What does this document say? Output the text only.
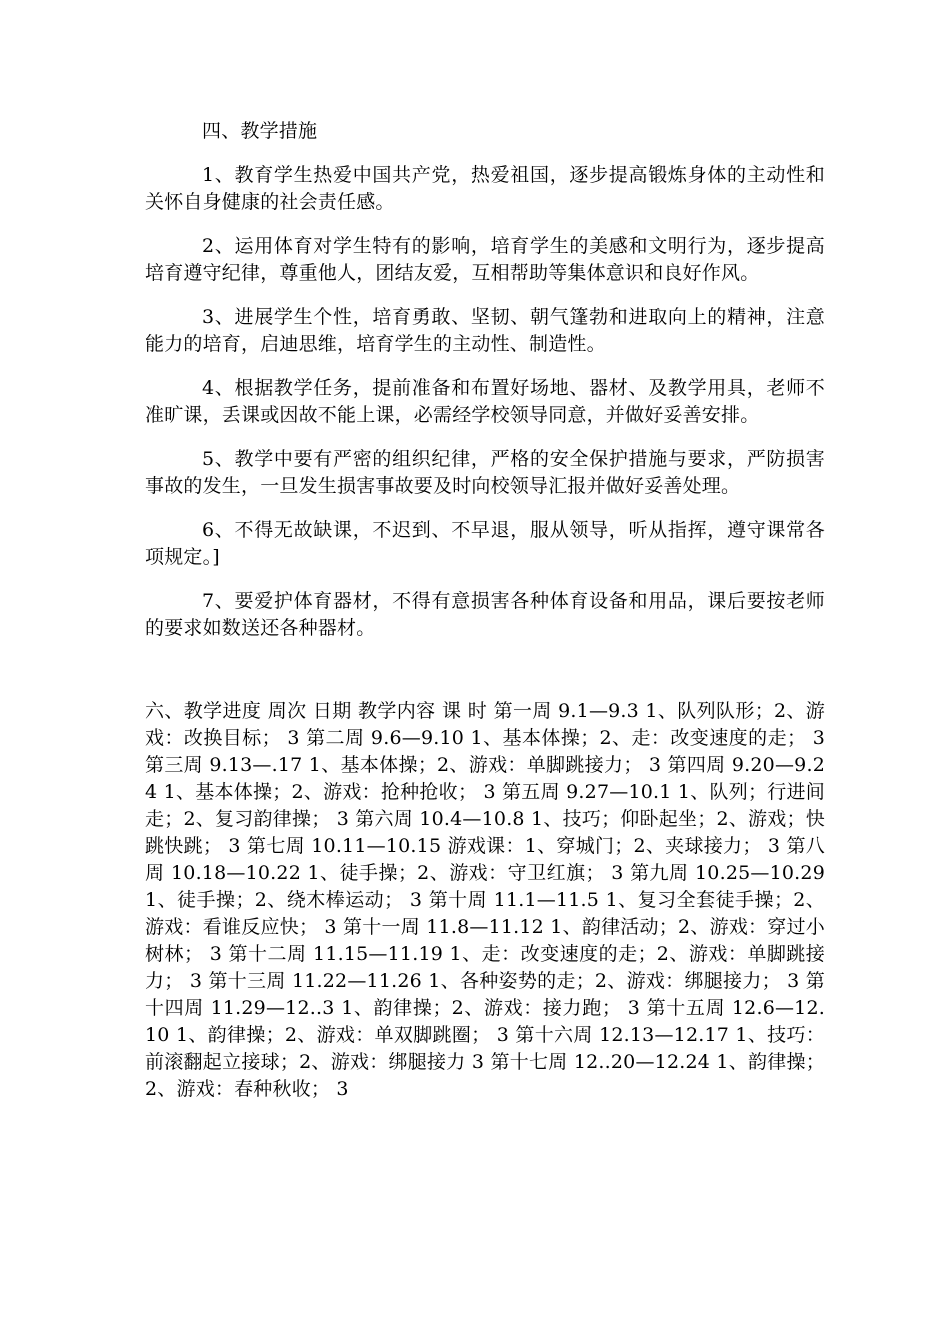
四、教学措施

1、教育学生热爱中国共产党，热爱祖国，逐步提高锻炼身体的主动性和关怀自身健康的社会责任感。

2、运用体育对学生特有的影响，培育学生的美感和文明行为，逐步提高培育遵守纪律，尊重他人，团结友爱，互相帮助等集体意识和良好作风。

3、进展学生个性，培育勇敢、坚韧、朝气篷勃和进取向上的精神，注意能力的培育，启迪思维，培育学生的主动性、制造性。

4、根据教学任务，提前准备和布置好场地、器材、及教学用具，老师不准旷课，丢课或因故不能上课，必需经学校领导同意，并做好妥善安排。

5、教学中要有严密的组织纪律，严格的安全保护措施与要求，严防损害事故的发生，一旦发生损害事故要及时向校领导汇报并做好妥善处理。

6、不得无故缺课，不迟到、不早退，服从领导，听从指挥，遵守课常各项规定。]

7、要爱护体育器材，不得有意损害各种体育设备和用品，课后要按老师的要求如数送还各种器材。

六、教学进度 周次 日期 教学内容 课 时 第一周 9.1—9.3 1、队列队形；2、游戏：改换目标； 3 第二周 9.6—9.10 1、基本体操；2、走：改变速度的走； 3 第三周 9.13—.17 1、基本体操；2、游戏：单脚跳接力； 3 第四周 9.20—9.24 1、基本体操；2、游戏：抢种抢收； 3 第五周 9.27—10.1 1、队列；行进间走；2、复习韵律操； 3 第六周 10.4—10.8 1、技巧；仰卧起坐；2、游戏；快跳快跳； 3 第七周 10.11—10.15 游戏课：1、穿城门；2、夹球接力； 3 第八周 10.18—10.22 1、徒手操；2、游戏：守卫红旗； 3 第九周 10.25—10.29 1、徒手操；2、绕木棒运动； 3 第十周 11.1—11.5 1、复习全套徒手操；2、游戏：看谁反应快； 3 第十一周 11.8—11.12 1、韵律活动；2、游戏：穿过小树林； 3 第十二周 11.15—11.19 1、走：改变速度的走；2、游戏：单脚跳接力； 3 第十三周 11.22—11.26 1、各种姿势的走；2、游戏：绑腿接力； 3 第十四周 11.29—12..3 1、韵律操；2、游戏：接力跑； 3 第十五周 12.6—12.10 1、韵律操；2、游戏：单双脚跳圈； 3 第十六周 12.13—12.17 1、技巧：前滚翻起立接球；2、游戏：绑腿接力 3 第十七周 12..20—12.24 1、韵律操；2、游戏：春种秋收； 3
